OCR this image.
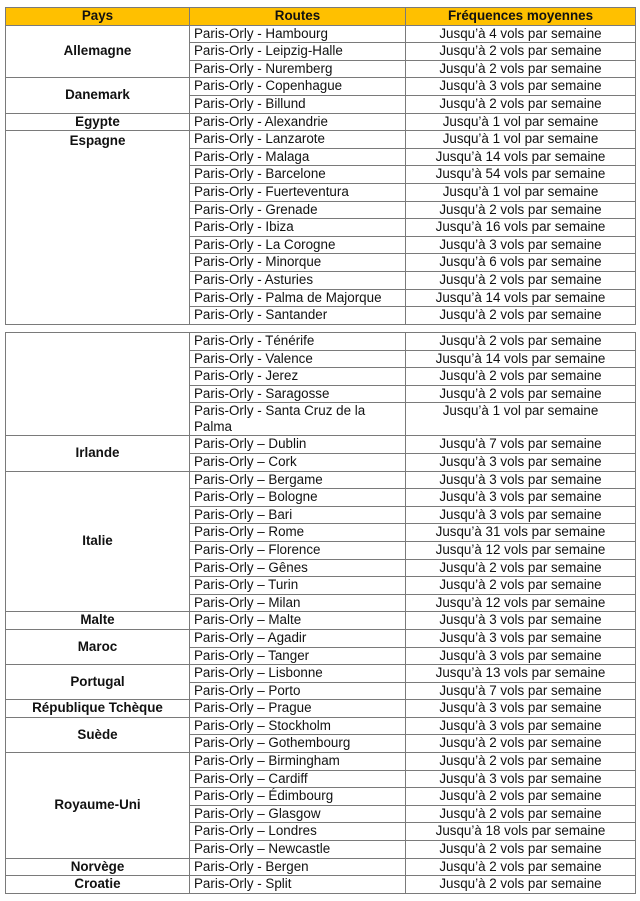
Pays	Routes	Fréquences moyennes
Allemagne	Paris-Orly - Hambourg	Jusqu’à 4 vols par semaine
	Paris-Orly - Leipzig-Halle	Jusqu’à 2 vols par semaine
	Paris-Orly - Nuremberg	Jusqu’à 2 vols par semaine
Danemark	Paris-Orly - Copenhague	Jusqu’à 3 vols par semaine
	Paris-Orly - Billund	Jusqu’à 2 vols par semaine
Egypte	Paris-Orly - Alexandrie	Jusqu’à 1 vol par semaine
Espagne	Paris-Orly - Lanzarote	Jusqu’à 1 vol par semaine
	Paris-Orly - Malaga	Jusqu’à 14 vols par semaine
	Paris-Orly - Barcelone	Jusqu’à 54 vols par semaine
	Paris-Orly - Fuerteventura	Jusqu’à 1 vol par semaine
	Paris-Orly - Grenade	Jusqu’à 2 vols par semaine
	Paris-Orly - Ibiza	Jusqu’à 16 vols par semaine
	Paris-Orly - La Corogne	Jusqu’à 3 vols par semaine
	Paris-Orly - Minorque	Jusqu’à 6 vols par semaine
	Paris-Orly - Asturies	Jusqu’à 2 vols par semaine
	Paris-Orly - Palma de Majorque	Jusqu’à 14 vols par semaine
	Paris-Orly - Santander	Jusqu’à 2 vols par semaine
	Paris-Orly - Ténérife	Jusqu’à 2 vols par semaine
	Paris-Orly - Valence	Jusqu’à 14 vols par semaine
	Paris-Orly - Jerez	Jusqu’à 2 vols par semaine
	Paris-Orly - Saragosse	Jusqu’à 2 vols par semaine
	Paris-Orly - Santa Cruz de la Palma	Jusqu’à 1 vol par semaine
Irlande	Paris-Orly – Dublin	Jusqu’à 7 vols par semaine
	Paris-Orly – Cork	Jusqu’à 3 vols par semaine
Italie	Paris-Orly – Bergame	Jusqu’à 3 vols par semaine
	Paris-Orly – Bologne	Jusqu’à 3 vols par semaine
	Paris-Orly – Bari	Jusqu’à 3 vols par semaine
	Paris-Orly – Rome	Jusqu’à 31 vols par semaine
	Paris-Orly – Florence	Jusqu’à 12 vols par semaine
	Paris-Orly – Gênes	Jusqu’à 2 vols par semaine
	Paris-Orly – Turin	Jusqu’à 2 vols par semaine
	Paris-Orly – Milan	Jusqu’à 12 vols par semaine
Malte	Paris-Orly – Malte	Jusqu’à 3 vols par semaine
Maroc	Paris-Orly – Agadir	Jusqu’à 3 vols par semaine
	Paris-Orly – Tanger	Jusqu’à 3 vols par semaine
Portugal	Paris-Orly – Lisbonne	Jusqu’à 13 vols par semaine
	Paris-Orly – Porto	Jusqu’à 7 vols par semaine
République Tchèque	Paris-Orly – Prague	Jusqu’à 3 vols par semaine
Suède	Paris-Orly – Stockholm	Jusqu’à 3 vols par semaine
	Paris-Orly – Gothembourg	Jusqu’à 2 vols par semaine
Royaume-Uni	Paris-Orly – Birmingham	Jusqu’à 2 vols par semaine
	Paris-Orly – Cardiff	Jusqu’à 3 vols par semaine
	Paris-Orly – Édimbourg	Jusqu’à 2 vols par semaine
	Paris-Orly – Glasgow	Jusqu’à 2 vols par semaine
	Paris-Orly – Londres	Jusqu’à 18 vols par semaine
	Paris-Orly – Newcastle	Jusqu’à 2 vols par semaine
Norvège	Paris-Orly - Bergen	Jusqu’à 2 vols par semaine
Croatie	Paris-Orly - Split	Jusqu’à 2 vols par semaine
